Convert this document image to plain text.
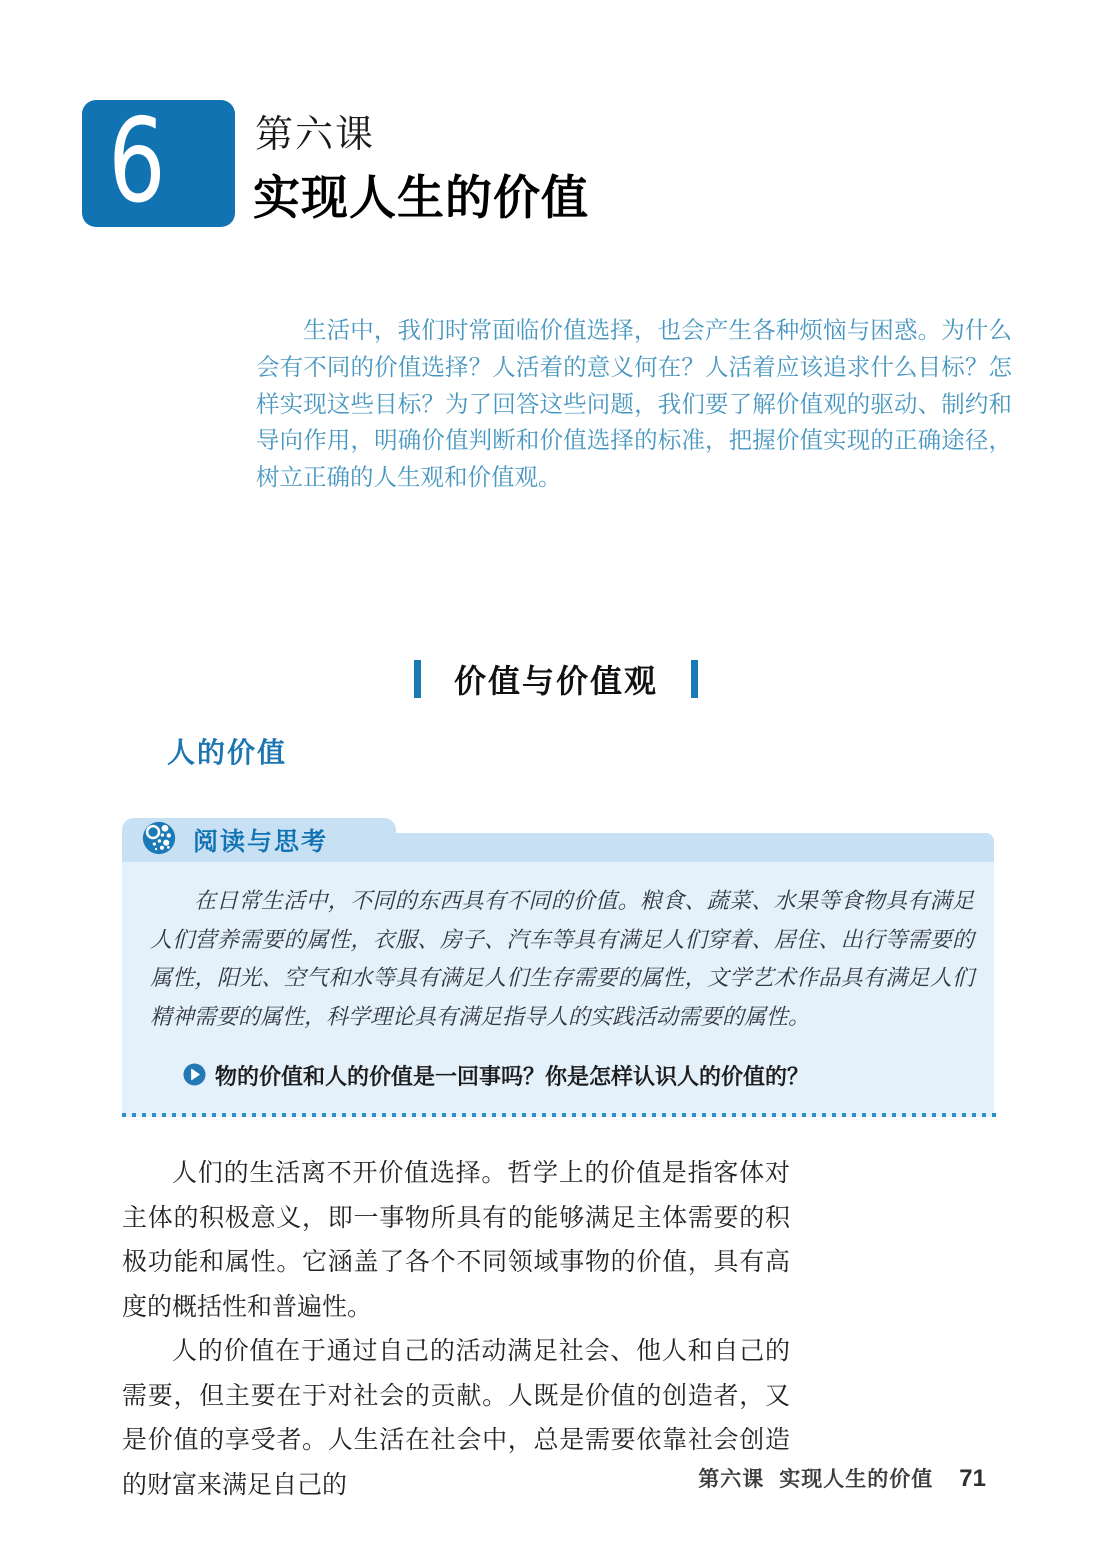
6 第六课
实现人生的价值

生活中，我们时常面临价值选择，也会产生各种烦恼与困惑。为什么会有不同的价值选择？人活着的意义何在？人活着应该追求什么目标？怎样实现这些目标？为了回答这些问题，我们要了解价值观的驱动、制约和导向作用，明确价值判断和价值选择的标准，把握价值实现的正确途径，树立正确的人生观和价值观。

价值与价值观
人的价值
阅读与思考

在日常生活中，不同的东西具有不同的价值。粮食、蔬菜、水果等食物具有满足人们营养需要的属性，衣服、房子、汽车等具有满足人们穿着、居住、出行等需要的属性，阳光、空气和水等具有满足人们生存需要的属性，文学艺术作品具有满足人们精神需要的属性，科学理论具有满足指导人的实践活动需要的属性。

物的价值和人的价值是一回事吗？你是怎样认识人的价值的？

人们的生活离不开价值选择。哲学上的价值是指客体对主体的积极意义，即一事物所具有的能够满足主体需要的积极功能和属性。它涵盖了各个不同领域事物的价值，具有高度的概括性和普遍性。

人的价值在于通过自己的活动满足社会、他人和自己的需要，但主要在于对社会的贡献。人既是价值的创造者，又是价值的享受者。人生活在社会中，总是需要依靠社会创造的财富来满足自己的	第六课 实现人生的价值 71
